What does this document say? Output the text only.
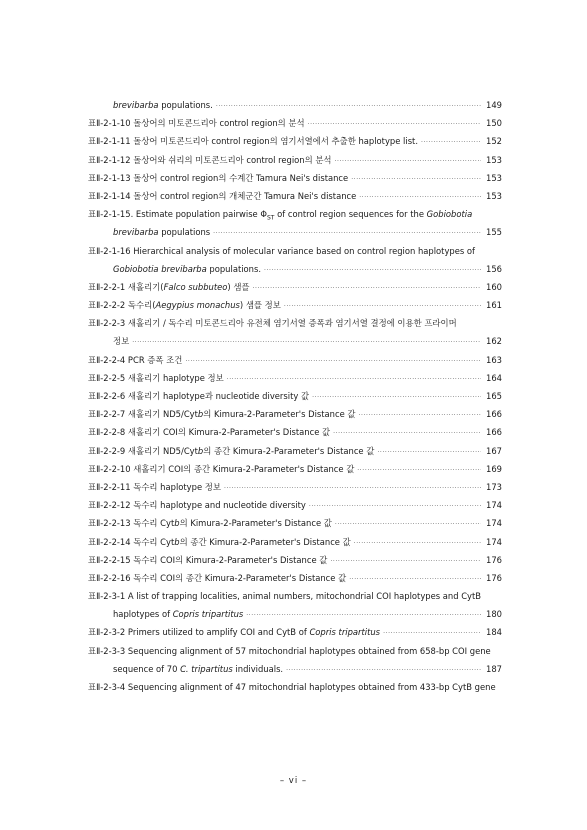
brevibarba populations. ·····	149
표Ⅱ-2-1-10 돌상어의 미토콘드리아 control region의 분석 ·····	150
표Ⅱ-2-1-11 돌상어 미토콘드리아 control region의 염기서열에서 추출한 haplotype list. ·····	152
표Ⅱ-2-1-12 돌상어와 쉬리의 미토콘드리아 control region의 분석 ·····	153
표Ⅱ-2-1-13 돌상어 control region의 수계간 Tamura Nei's distance ·····	153
표Ⅱ-2-1-14 돌상어 control region의 개체군간 Tamura Nei's distance ·····	153
표Ⅱ-2-1-15. Estimate population pairwise $\Phi_{ST}$ of control region sequences for the Gobiobotia
brevibarba populations ·····	155
표Ⅱ-2-1-16 Hierarchical analysis of molecular variance based on control region haplotypes of
Gobiobotia brevibarba populations. ·····	156
표Ⅱ-2-2-1 새홀리기(Falco subbuteo) 샘플 ·····	160
표Ⅱ-2-2-2 독수리(Aegypius monachus) 샘플 정보 ·····	161
표Ⅱ-2-2-3 새홀리기 / 독수리 미토콘드리아 유전체 염기서열 증폭과 염기서열 결정에 이용한 프라이머
정보 ·····	162
표Ⅱ-2-2-4 PCR 증폭 조건 ·····	163
표Ⅱ-2-2-5 새홀리기 haplotype 정보 ·····	164
표Ⅱ-2-2-6 새홀리기 haplotype과 nucleotide diversity 값 ·····	165
표Ⅱ-2-2-7 새홀리기 ND5/Cytb의 Kimura-2-Parameter's Distance 값 ·····	166
표Ⅱ-2-2-8 새홀리기 COI의 Kimura-2-Parameter's Distance 값 ·····	166
표Ⅱ-2-2-9 새홀리기 ND5/Cytb의 종간 Kimura-2-Parameter's Distance 값 ·····	167
표Ⅱ-2-2-10 새홀리기 COI의 종간 Kimura-2-Parameter's Distance 값 ·····	169
표Ⅱ-2-2-11 독수리 haplotype 정보 ·····	173
표Ⅱ-2-2-12 독수리 haplotype and nucleotide diversity ·····	174
표Ⅱ-2-2-13 독수리 Cytb의 Kimura-2-Parameter's Distance 값 ·····	174
표Ⅱ-2-2-14 독수리 Cytb의 종간 Kimura-2-Parameter's Distance 값 ·····	174
표Ⅱ-2-2-15 독수리 COI의 Kimura-2-Parameter's Distance 값 ·····	176
표Ⅱ-2-2-16 독수리 COI의 종간 Kimura-2-Parameter's Distance 값 ·····	176
표Ⅱ-2-3-1 A list of trapping localities, animal numbers, mitochondrial COI haplotypes and CytB
haplotypes of Copris tripartitus ·····	180
표Ⅱ-2-3-2 Primers utilized to amplify COI and CytB of Copris tripartitus ·····	184
표Ⅱ-2-3-3 Sequencing alignment of 57 mitochondrial haplotypes obtained from 658-bp COI gene
sequence of 70 C. tripartitus individuals. ·····	187
표Ⅱ-2-3-4 Sequencing alignment of 47 mitochondrial haplotypes obtained from 433-bp CytB gene
– vi –
